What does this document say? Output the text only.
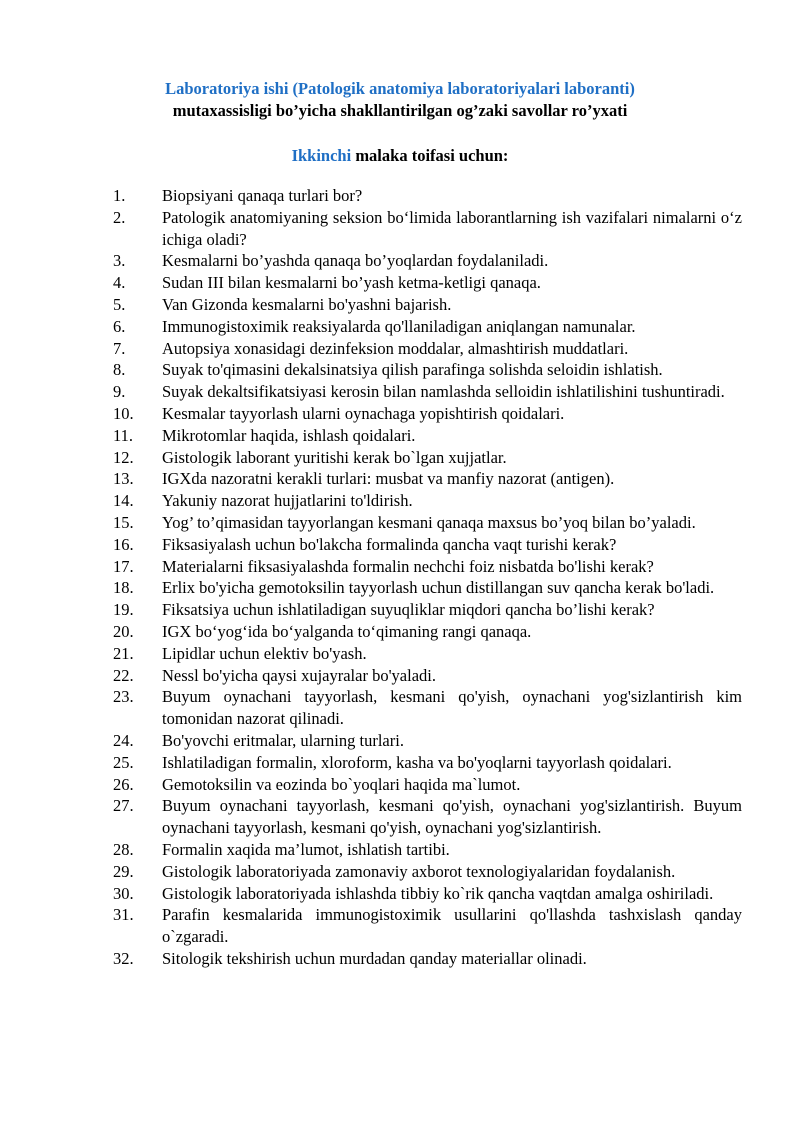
Laboratoriya ishi (Patologik anatomiya laboratoriyalari laboranti)
mutaxassisligi bo’yicha shakllantirilgan og’zaki savollar ro’yxati
Ikkinchi malaka toifasi uchun:
1. Biopsiyani qanaqa turlari bor?
2. Patologik anatomiyaning seksion bo‘limida laborantlarning ish vazifalari nimalarni o‘z ichiga oladi?
3. Kesmalarni bo’yashda qanaqa bo’yoqlardan foydalaniladi.
4. Sudan III bilan kesmalarni bo’yash ketma-ketligi qanaqa.
5. Van Gizonda kesmalarni bo'yashni bajarish.
6. Immunogistoximik reaksiyalarda qo'llaniladigan aniqlangan namunalar.
7. Autopsiya xonasidagi dezinfeksion moddalar, almashtirish muddatlari.
8. Suyak to'qimasini dekalsinatsiya qilish parafinga solishda seloidin ishlatish.
9. Suyak dekaltsifikatsiyasi kerosin bilan namlashda selloidin ishlatilishini tushuntiradi.
10. Kesmalar tayyorlash ularni oynachaga yopishtirish qoidalari.
11. Mikrotomlar haqida, ishlash qoidalari.
12. Gistologik laborant yuritishi kerak bo`lgan xujjatlar.
13. IGXda nazoratni kerakli turlari: musbat va manfiy nazorat (antigen).
14. Yakuniy nazorat hujjatlarini to'ldirish.
15. Yog’ to’qimasidan tayyorlangan kesmani qanaqa maxsus bo’yoq bilan bo’yaladi.
16. Fiksasiyalash uchun bo'lakcha formalinda qancha vaqt turishi kerak?
17. Materialarni fiksasiyalashda formalin nechchi foiz nisbatda bo'lishi kerak?
18. Erlix bo'yicha gemotoksilin tayyorlash uchun distillangan suv qancha kerak bo'ladi.
19. Fiksatsiya uchun ishlatiladigan suyuqliklar miqdori qancha bo’lishi kerak?
20. IGX bo‘yog‘ida bo‘yalganda to‘qimaning rangi qanaqa.
21. Lipidlar uchun elektiv bo'yash.
22. Nessl bo'yicha qaysi xujayralar bo'yaladi.
23. Buyum oynachani tayyorlash, kesmani qo'yish, oynachani yog'sizlantirish kim tomonidan nazorat qilinadi.
24. Bo'yovchi eritmalar, ularning turlari.
25. Ishlatiladigan formalin, xloroform, kasha va bo'yoqlarni tayyorlash qoidalari.
26. Gemotoksilin va eozinda bo`yoqlari haqida ma`lumot.
27. Buyum oynachani tayyorlash, kesmani qo'yish, oynachani yog'sizlantirish. Buyum oynachani tayyorlash, kesmani qo'yish, oynachani yog'sizlantirish.
28. Formalin xaqida ma’lumot, ishlatish tartibi.
29. Gistologik laboratoriyada zamonaviy axborot texnologiyalaridan foydalanish.
30. Gistologik laboratoriyada ishlashda tibbiy ko`rik qancha vaqtdan amalga oshiriladi.
31. Parafin kesmalarida immunogistoximik usullarini qo'llashda tashxislash qanday o`zgaradi.
32. Sitologik tekshirish uchun murdadan qanday materiallar olinadi.
